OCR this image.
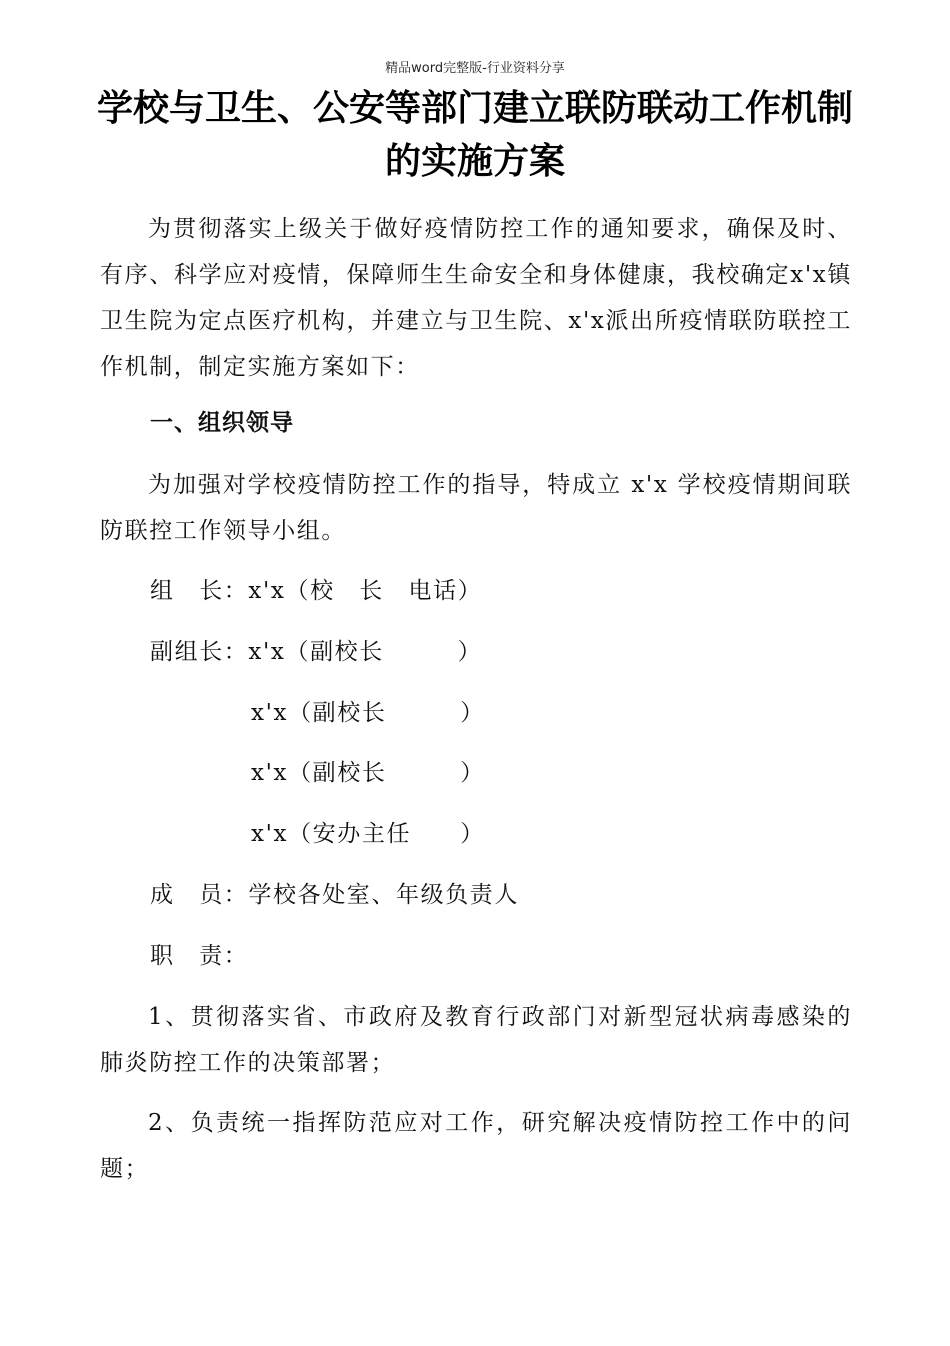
精品word完整版-行业资料分享
学校与卫生、公安等部门建立联防联动工作机制的实施方案

为贯彻落实上级关于做好疫情防控工作的通知要求，确保及时、有序、科学应对疫情，保障师生生命安全和身体健康，我校确定x'x镇卫生院为定点医疗机构，并建立与卫生院、x'x派出所疫情联防联控工作机制，制定实施方案如下：

一、组织领导

为加强对学校疫情防控工作的指导，特成立 x'x 学校疫情期间联防联控工作领导小组。

组　长：x'x（校　长　电话）
副组长：x'x（副校长　　　）
x'x（副校长　　　）
x'x（副校长　　　）
x'x（安办主任　　）
成　员：学校各处室、年级负责人
职　责：

1、贯彻落实省、市政府及教育行政部门对新型冠状病毒感染的肺炎防控工作的决策部署；

2、负责统一指挥防范应对工作，研究解决疫情防控工作中的问题；
